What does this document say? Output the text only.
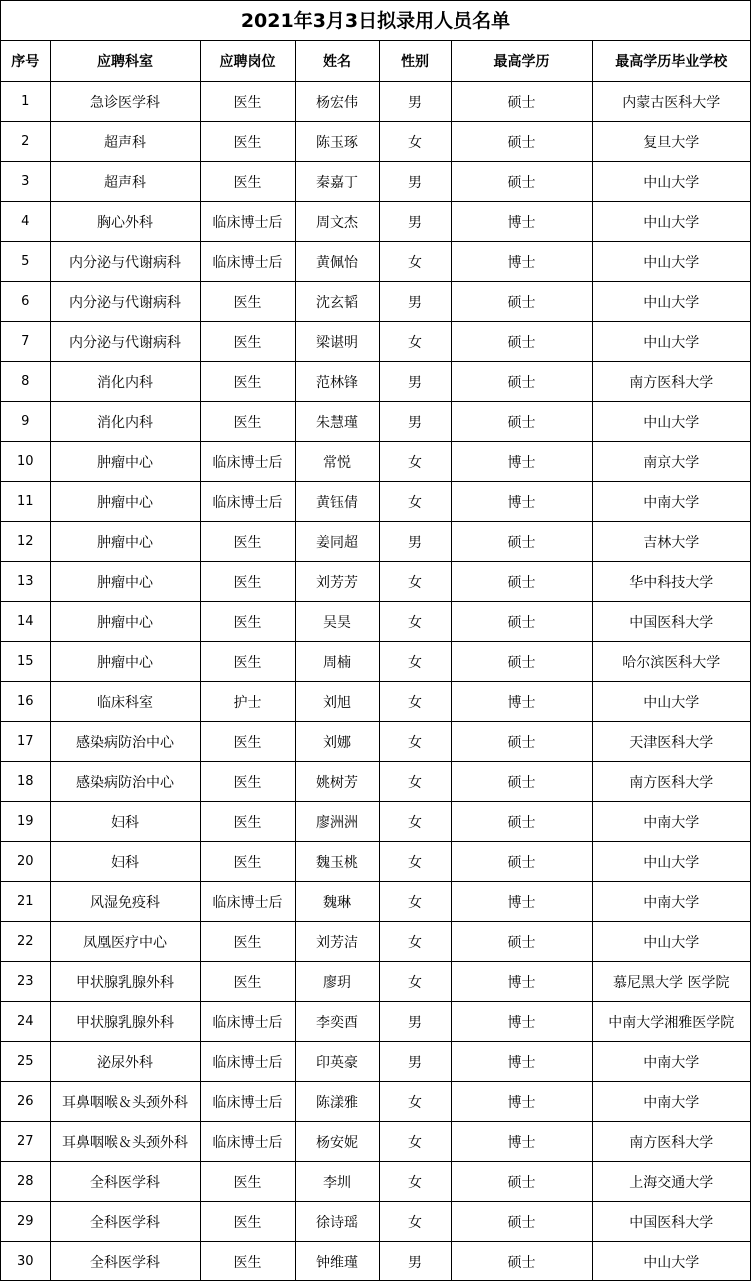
2021年3月3日拟录用人员名单
序号	应聘科室	应聘岗位	姓名	性别	最高学历	最高学历毕业学校
1	急诊医学科	医生	杨宏伟	男	硕士	内蒙古医科大学
2	超声科	医生	陈玉琢	女	硕士	复旦大学
3	超声科	医生	秦嘉丁	男	硕士	中山大学
4	胸心外科	临床博士后	周文杰	男	博士	中山大学
5	内分泌与代谢病科	临床博士后	黄佩怡	女	博士	中山大学
6	内分泌与代谢病科	医生	沈玄韬	男	硕士	中山大学
7	内分泌与代谢病科	医生	梁谌明	女	硕士	中山大学
8	消化内科	医生	范林锋	男	硕士	南方医科大学
9	消化内科	医生	朱慧瑾	男	硕士	中山大学
10	肿瘤中心	临床博士后	常悦	女	博士	南京大学
11	肿瘤中心	临床博士后	黄钰倩	女	博士	中南大学
12	肿瘤中心	医生	姜同超	男	硕士	吉林大学
13	肿瘤中心	医生	刘芳芳	女	硕士	华中科技大学
14	肿瘤中心	医生	吴昊	女	硕士	中国医科大学
15	肿瘤中心	医生	周楠	女	硕士	哈尔滨医科大学
16	临床科室	护士	刘旭	女	博士	中山大学
17	感染病防治中心	医生	刘娜	女	硕士	天津医科大学
18	感染病防治中心	医生	姚树芳	女	硕士	南方医科大学
19	妇科	医生	廖洲洲	女	硕士	中南大学
20	妇科	医生	魏玉桃	女	硕士	中山大学
21	风湿免疫科	临床博士后	魏琳	女	博士	中南大学
22	凤凰医疗中心	医生	刘芳洁	女	硕士	中山大学
23	甲状腺乳腺外科	医生	廖玥	女	博士	慕尼黑大学 医学院
24	甲状腺乳腺外科	临床博士后	李奕酉	男	博士	中南大学湘雅医学院
25	泌尿外科	临床博士后	印英豪	男	博士	中南大学
26	耳鼻咽喉＆头颈外科	临床博士后	陈漾雅	女	博士	中南大学
27	耳鼻咽喉＆头颈外科	临床博士后	杨安妮	女	博士	南方医科大学
28	全科医学科	医生	李圳	女	硕士	上海交通大学
29	全科医学科	医生	徐诗瑶	女	硕士	中国医科大学
30	全科医学科	医生	钟维瑾	男	硕士	中山大学
